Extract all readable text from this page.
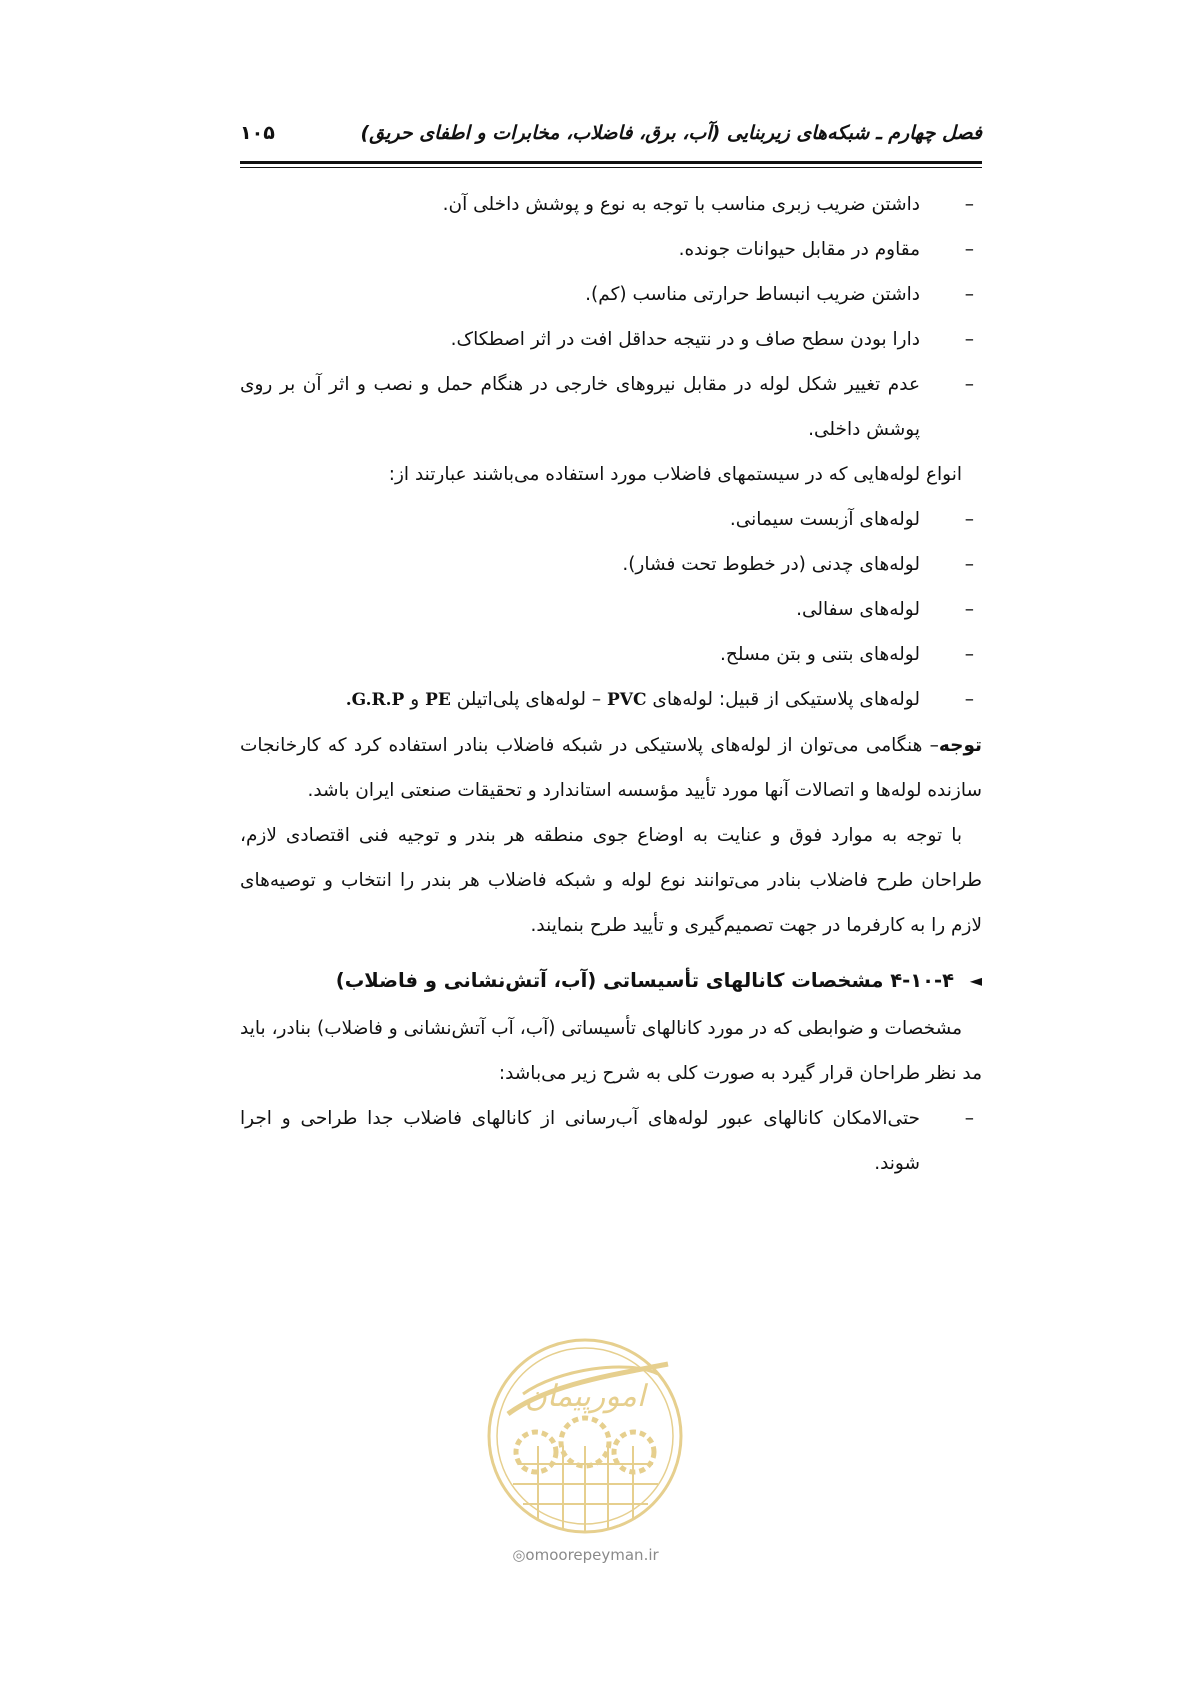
فصل چهارم ـ شبکه‌های زیربنایی (آب، برق، فاضلاب، مخابرات و اطفای حریق)
۱۰۵
–
داشتن ضریب زبری مناسب با توجه به نوع و پوشش داخلی آن.
–
مقاوم در مقابل حیوانات جونده.
–
داشتن ضریب انبساط حرارتی مناسب (کم).
–
دارا بودن سطح صاف و در نتیجه حداقل افت در اثر اصطکاک.
–
عدم تغییر شکل لوله در مقابل نیروهای خارجی در هنگام حمل و نصب و اثر آن بر روی پوشش داخلی.
انواع لوله‌هایی که در سیستمهای فاضلاب مورد استفاده می‌باشند عبارتند از:
–
لوله‌های آزبست سیمانی.
–
لوله‌های چدنی (در خطوط تحت فشار).
–
لوله‌های سفالی.
–
لوله‌های بتنی و بتن مسلح.
–
لوله‌های پلاستیکی از قبیل: لوله‌های PVC – لوله‌های پلی‌اتیلن PE و G.R.P.
توجه– هنگامی می‌توان از لوله‌های پلاستیکی در شبکه فاضلاب بنادر استفاده کرد که کارخانجات سازنده لوله‌ها و اتصالات آنها مورد تأیید مؤسسه استاندارد و تحقیقات صنعتی ایران باشد.
با توجه به موارد فوق و عنایت به اوضاع جوی منطقه هر بندر و توجیه فنی اقتصادی لازم، طراحان طرح فاضلاب بنادر می‌توانند نوع لوله و شبکه فاضلاب هر بندر را انتخاب و توصیه‌های لازم را به کارفرما در جهت تصمیم‌گیری و تأیید طرح بنمایند.
◄
۴-۱۰-۴ مشخصات کانالهای تأسیساتی (آب، آتش‌نشانی و فاضلاب)
مشخصات و ضوابطی که در مورد کانالهای تأسیساتی (آب، آب آتش‌نشانی و فاضلاب) بنادر، باید مد نظر طراحان قرار گیرد به صورت کلی به شرح زیر می‌باشد:
–
حتی‌الامکان کانالهای عبور لوله‌های آب‌رسانی از کانالهای فاضلاب جدا طراحی و اجرا شوند.
امورپیمان
◎omoorepeyman.ir
